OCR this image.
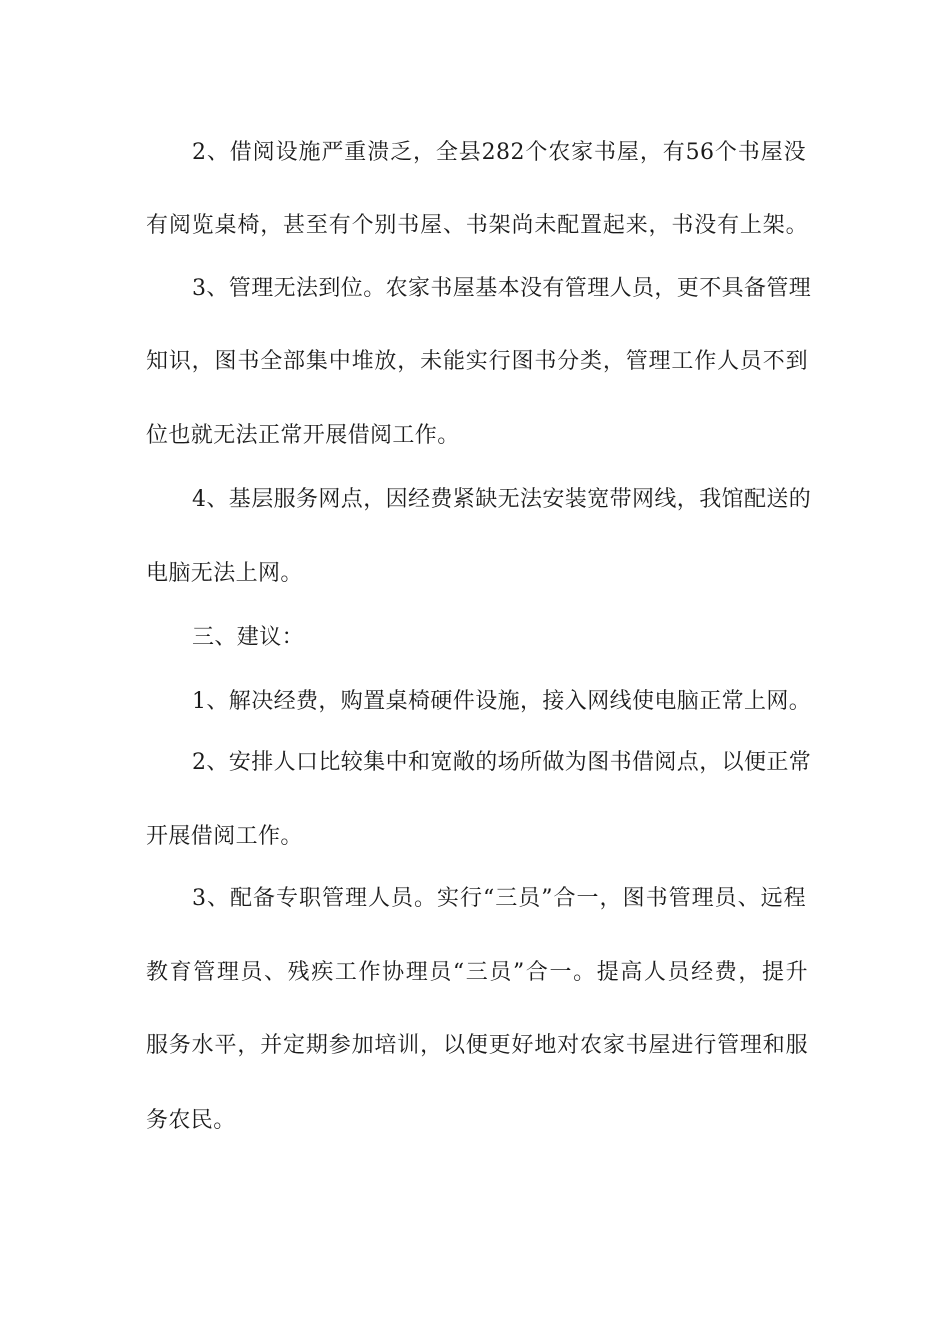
2、借阅设施严重溃乏，全县282个农家书屋，有56个书屋没
有阅览桌椅，甚至有个别书屋、书架尚未配置起来，书没有上架。
3、管理无法到位。农家书屋基本没有管理人员，更不具备管理
知识，图书全部集中堆放，未能实行图书分类，管理工作人员不到
位也就无法正常开展借阅工作。
4、基层服务网点，因经费紧缺无法安装宽带网线，我馆配送的
电脑无法上网。
三、建议：
1、解决经费，购置桌椅硬件设施，接入网线使电脑正常上网。
2、安排人口比较集中和宽敞的场所做为图书借阅点，以便正常
开展借阅工作。
3、配备专职管理人员。实行“三员”合一，图书管理员、远程
教育管理员、残疾工作协理员“三员”合一。提高人员经费，提升
服务水平，并定期参加培训，以便更好地对农家书屋进行管理和服
务农民。
